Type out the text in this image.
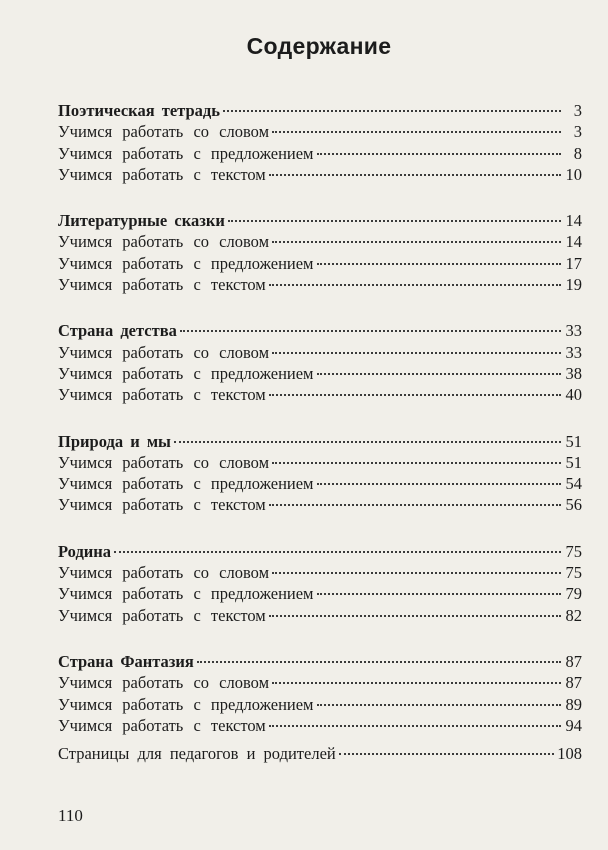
Содержание
Поэтическая тетрадь	3
Учимся работать со словом	3
Учимся работать с предложением	8
Учимся работать с текстом	10
Литературные сказки	14
Учимся работать со словом	14
Учимся работать с предложением	17
Учимся работать с текстом	19
Страна детства	33
Учимся работать со словом	33
Учимся работать с предложением	38
Учимся работать с текстом	40
Природа и мы	51
Учимся работать со словом	51
Учимся работать с предложением	54
Учимся работать с текстом	56
Родина	75
Учимся работать со словом	75
Учимся работать с предложением	79
Учимся работать с текстом	82
Страна Фантазия	87
Учимся работать со словом	87
Учимся работать с предложением	89
Учимся работать с текстом	94
Страницы для педагогов и родителей	108
110
